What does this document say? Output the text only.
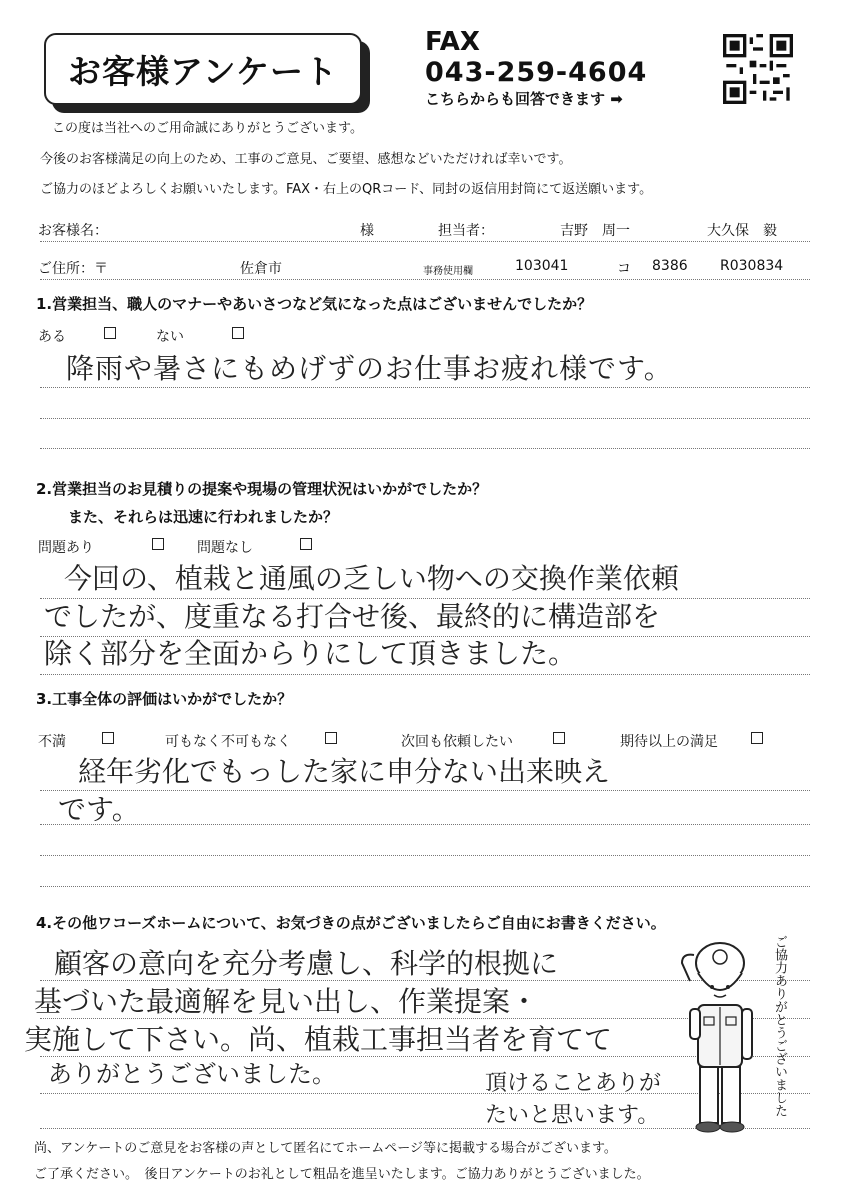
お客様アンケート
FAX
043-259-4604
こちらからも回答できます ➡
この度は当社へのご用命誠にありがとうございます。
今後のお客様満足の向上のため、工事のご意見、ご要望、感想などいただければ幸いです。
ご協力のほどよろしくお願いいたします。FAX・右上のQRコード、同封の返信用封筒にて返送願います。
お客様名：	様	担当者：	吉野　周一	大久保　毅
ご住所：〒	佐倉市	事務使用欄	103041	コ 8386 R030834
1.営業担当、職人のマナーやあいさつなど気になった点はございませんでしたか？
ある	ない
降雨や暑さにもめげずのお仕事お疲れ様です。
2.営業担当のお見積りの提案や現場の管理状況はいかがでしたか？
また、それらは迅速に行われましたか？
問題あり	問題なし
今回の、植栽と通風の乏しい物への交換作業依頼
でしたが、度重なる打合せ後、最終的に構造部を
除く部分を全面からりにして頂きました。
3.工事全体の評価はいかがでしたか？
不満	可もなく不可もなく	次回も依頼したい	期待以上の満足
経年劣化でもっした家に申分ない出来映え
です。
4.その他ワコーズホームについて、お気づきの点がございましたらご自由にお書きください。
顧客の意向を充分考慮し、科学的根拠に
基づいた最適解を見い出し、作業提案・
実施して下さい。尚、植栽工事担当者を育てて
ありがとうございました。	頂けることありがたいと思います。	ご協力ありがとうございました
尚、アンケートのご意見をお客様の声として匿名にてホームページ等に掲載する場合がございます。
ご了承ください。　後日アンケートのお礼として粗品を進呈いたします。ご協力ありがとうございました。
